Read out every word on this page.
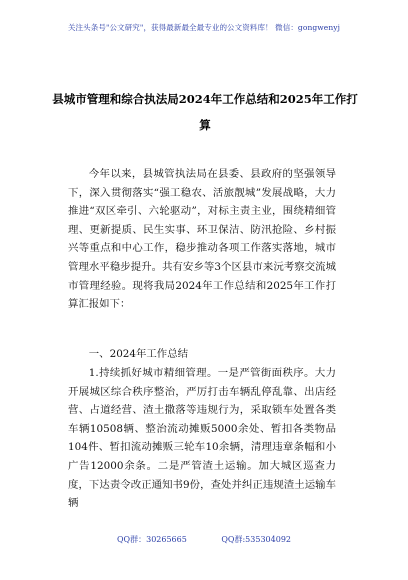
关注头条号"公文研究"，获得最新最全最专业的公文资料库！ 微信：gongwenyj
县城市管理和综合执法局2024年工作总结和2025年工作打
算

今年以来，县城管执法局在县委、县政府的坚强领导下，深入贯彻落实“强工稳农、活旅靓城”发展战略，大力推进“双区牵引、六轮驱动”，对标主责主业，围绕精细管理、更新提质、民生实事、环卫保洁、防汛抢险、乡村振兴等重点和中心工作，稳步推动各项工作落实落地，城市管理水平稳步提升。共有安乡等3个区县市来沅考察交流城市管理经验。现将我局2024年工作总结和2025年工作打算汇报如下：

一、2024年工作总结

1.持续抓好城市精细管理。一是严管街面秩序。大力开展城区综合秩序整治，严厉打击车辆乱停乱靠、出店经营、占道经营、渣土撒落等违规行为，采取锁车处置各类车辆10508辆、整治流动摊贩5000余处、暂扣各类物品104件、暂扣流动摊贩三轮车10余辆，清理违章条幅和小广告12000余条。二是严管渣土运输。加大城区巡查力度，下达责令改正通知书9份，查处并纠正违规渣土运输车辆

QQ群：30265665	QQ群:535304092
